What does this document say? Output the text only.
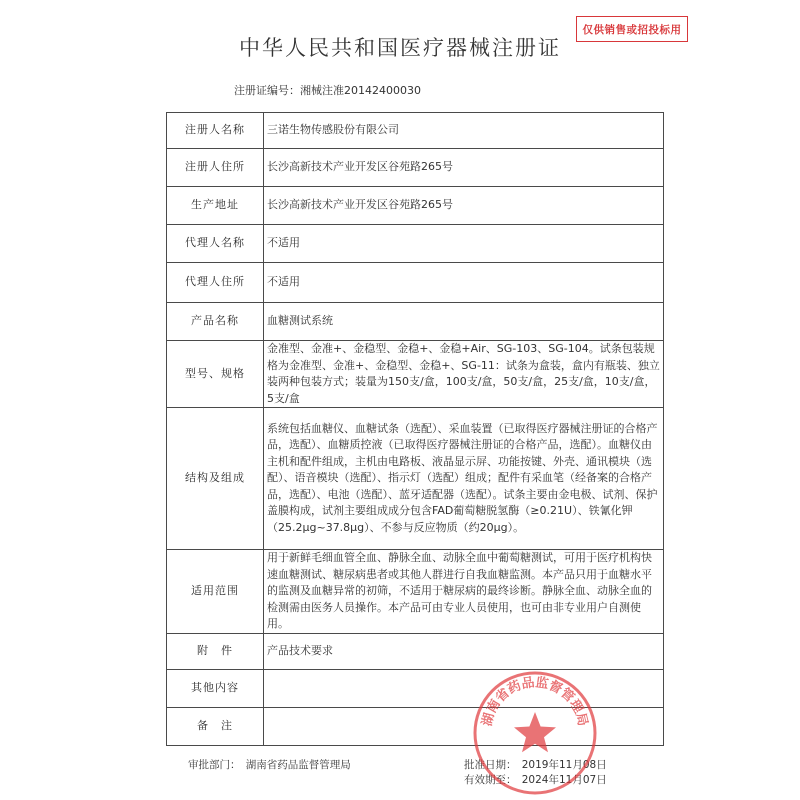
仅供销售或招投标用
中华人民共和国医疗器械注册证
注册证编号：湘械注准20142400030
注册人名称	三诺生物传感股份有限公司
注册人住所	长沙高新技术产业开发区谷苑路265号
生产地址	长沙高新技术产业开发区谷苑路265号
代理人名称	不适用
代理人住所	不适用
产品名称	血糖测试系统
型号、规格	金准型、金准+、金稳型、金稳+、金稳+Air、SG-103、SG-104。试条包装规格为金准型、金准+、金稳型、金稳+、SG-11：试条为盒装，盒内有瓶装、独立装两种包装方式；装量为150支/盒，100支/盒，50支/盒，25支/盒，10支/盒，5支/盒
结构及组成	系统包括血糖仪、血糖试条（选配）、采血装置（已取得医疗器械注册证的合格产品，选配）、血糖质控液（已取得医疗器械注册证的合格产品，选配）。血糖仪由主机和配件组成，主机由电路板、液晶显示屏、功能按键、外壳、通讯模块（选配）、语音模块（选配）、指示灯（选配）组成；配件有采血笔（经备案的合格产品，选配）、电池（选配）、蓝牙适配器（选配）。试条主要由金电极、试剂、保护盖膜构成，试剂主要组成成分包含FAD葡萄糖脱氢酶（≥0.21U）、铁氰化钾（25.2μg~37.8μg）、不参与反应物质（约20μg）。
适用范围	用于新鲜毛细血管全血、静脉全血、动脉全血中葡萄糖测试，可用于医疗机构快速血糖测试、糖尿病患者或其他人群进行自我血糖监测。本产品只用于血糖水平的监测及血糖异常的初筛，不适用于糖尿病的最终诊断。静脉全血、动脉全血的检测需由医务人员操作。本产品可由专业人员使用，也可由非专业用户自测使用。
附　件	产品技术要求
其他内容	
备　注	
审批部门：　湖南省药品监督管理局	批准日期：　2019年11月08日
有效期至：　2024年11月07日
湖南省药品监督管理局
